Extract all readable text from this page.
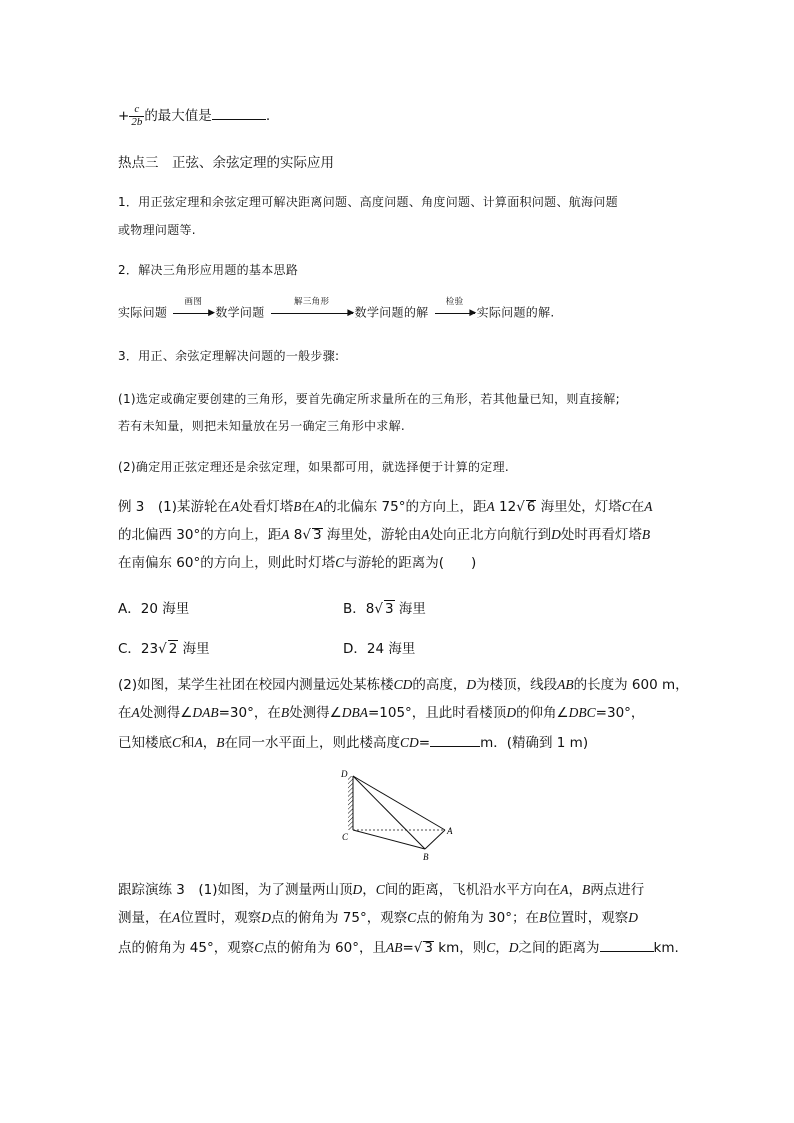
+ $\frac{c}{2b}$ 的最大值是	.
热点三　正弦、余弦定理的实际应用
1．用正弦定理和余弦定理可解决距离问题、高度问题、角度问题、计算面积问题、航海问题
或物理问题等.
2．解决三角形应用题的基本思路
实际问题
画图
▶ 数学问题
解三角形
▶ 数学问题的解
检验
▶ 实际问题的解.
3．用正、余弦定理解决问题的一般步骤:
(1)选定或确定要创建的三角形，要首先确定所求量所在的三角形，若其他量已知，则直接解;
若有未知量，则把未知量放在另一确定三角形中求解.
(2)确定用正弦定理还是余弦定理，如果都可用，就选择便于计算的定理.
例 3　(1)某游轮在A处看灯塔B在A的北偏东 75°的方向上，距A 12√ 6 海里处，灯塔C在A
的北偏西 30°的方向上，距A 8√ 3 海里处，游轮由A处向正北方向航行到D处时再看灯塔B
在南偏东 60°的方向上，则此时灯塔C与游轮的距离为(　　)
A．20 海里	B．8√ 3 海里
C．23√ 2 海里	D．24 海里
(2)如图，某学生社团在校园内测量远处某栋楼CD的高度，D为楼顶，线段AB的长度为 600 m，
在A处测得∠DAB=30°，在B处测得∠DBA=105°，且此时看楼顶D的仰角∠DBC=30°，
已知楼底C和A，B在同一水平面上，则此楼高度CD=	m．(精确到 1 m)
D
C
A
B
跟踪演练 3　(1)如图，为了测量两山顶D，C间的距离，飞机沿水平方向在A，B两点进行
测量，在A位置时，观察D点的俯角为 75°，观察C点的俯角为 30°；在B位置时，观察D
点的俯角为 45°，观察C点的俯角为 60°，且AB=√ 3 km，则C，D之间的距离为	km.
